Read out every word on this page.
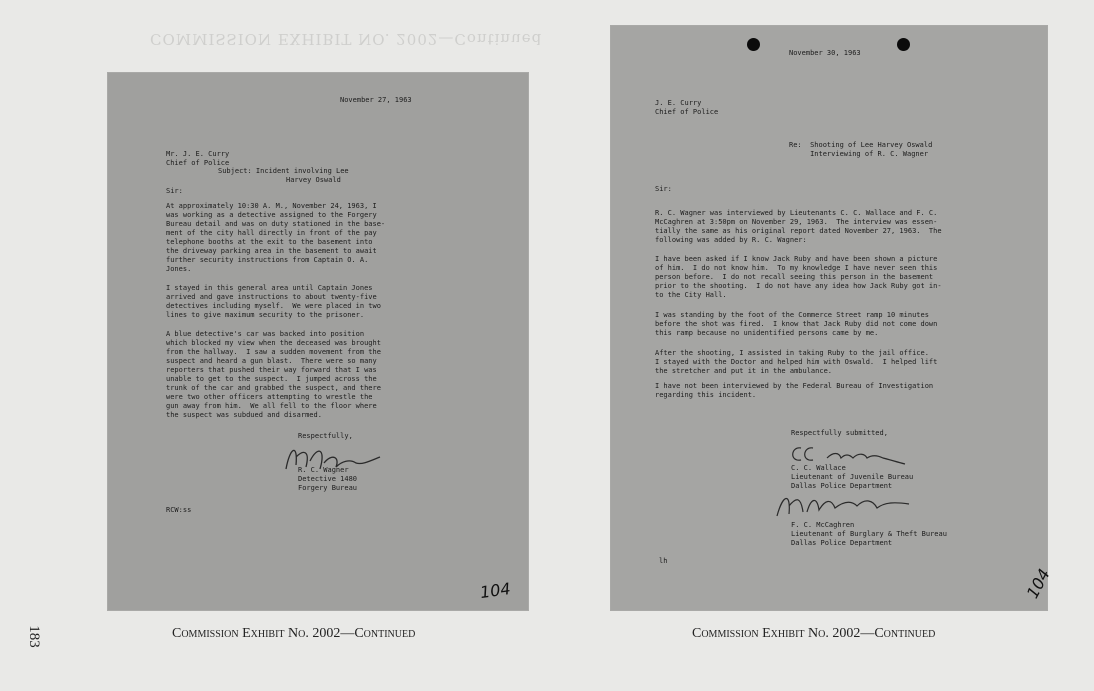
COMMISSION EXHIBIT NO. 2002—Continued
183
November 27, 1963
Mr. J. E. Curry
Chief of Police
Subject: Incident involving Lee
Harvey Oswald
Sir:
At approximately 10:30 A. M., November 24, 1963, I
was working as a detective assigned to the Forgery
Bureau detail and was on duty stationed in the base-
ment of the city hall directly in front of the pay
telephone booths at the exit to the basement into
the driveway parking area in the basement to await
further security instructions from Captain O. A.
Jones.
I stayed in this general area until Captain Jones
arrived and gave instructions to about twenty-five
detectives including myself.  We were placed in two
lines to give maximum security to the prisoner.
A blue detective's car was backed into position
which blocked my view when the deceased was brought
from the hallway.  I saw a sudden movement from the
suspect and heard a gun blast.  There were so many
reporters that pushed their way forward that I was
unable to get to the suspect.  I jumped across the
trunk of the car and grabbed the suspect, and there
were two other officers attempting to wrestle the
gun away from him.  We all fell to the floor where
the suspect was subdued and disarmed.
Respectfully,
R. C. Wagner
Detective 1480
Forgery Bureau
RCW:ss
104
November 30, 1963
J. E. Curry
Chief of Police
Re:  Shooting of Lee Harvey Oswald
Interviewing of R. C. Wagner
Sir:
R. C. Wagner was interviewed by Lieutenants C. C. Wallace and F. C.
McCaghren at 3:50pm on November 29, 1963.  The interview was essen-
tially the same as his original report dated November 27, 1963.  The
following was added by R. C. Wagner:
I have been asked if I know Jack Ruby and have been shown a picture
of him.  I do not know him.  To my knowledge I have never seen this
person before.  I do not recall seeing this person in the basement
prior to the shooting.  I do not have any idea how Jack Ruby got in-
to the City Hall.
I was standing by the foot of the Commerce Street ramp 10 minutes
before the shot was fired.  I know that Jack Ruby did not come down
this ramp because no unidentified persons came by me.
After the shooting, I assisted in taking Ruby to the jail office.
I stayed with the Doctor and helped him with Oswald.  I helped lift
the stretcher and put it in the ambulance.
I have not been interviewed by the Federal Bureau of Investigation
regarding this incident.
Respectfully submitted,
C. C. Wallace
Lieutenant of Juvenile Bureau
Dallas Police Department
F. C. McCaghren
Lieutenant of Burglary & Theft Bureau
Dallas Police Department
lh
104
Commission Exhibit No. 2002—Continued	Commission Exhibit No. 2002—Continued
